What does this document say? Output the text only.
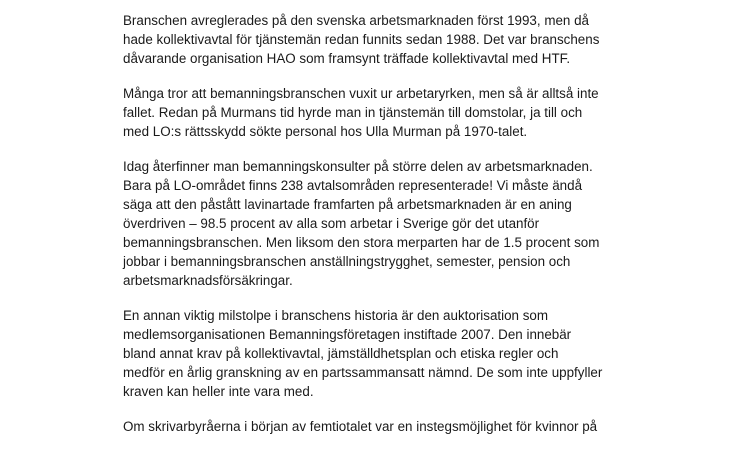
Branschen avreglerades på den svenska arbetsmarknaden först 1993, men då
hade kollektivavtal för tjänstemän redan funnits sedan 1988. Det var branschens
dåvarande organisation HAO som framsynt träffade kollektivavtal med HTF.

Många tror att bemanningsbranschen vuxit ur arbetaryrken, men så är alltså inte
fallet. Redan på Murmans tid hyrde man in tjänstemän till domstolar, ja till och
med LO:s rättsskydd sökte personal hos Ulla Murman på 1970-talet.

Idag återfinner man bemanningskonsulter på större delen av arbetsmarknaden.
Bara på LO-området finns 238 avtalsområden representerade! Vi måste ändå
säga att den påstått lavinartade framfarten på arbetsmarknaden är en aning
överdriven – 98.5 procent av alla som arbetar i Sverige gör det utanför
bemanningsbranschen. Men liksom den stora merparten har de 1.5 procent som
jobbar i bemanningsbranschen anställningstrygghet, semester, pension och
arbetsmarknadsförsäkringar.

En annan viktig milstolpe i branschens historia är den auktorisation som
medlemsorganisationen Bemanningsföretagen instiftade 2007. Den innebär
bland annat krav på kollektivavtal, jämställdhetsplan och etiska regler och
medför en årlig granskning av en partssammansatt nämnd. De som inte uppfyller
kraven kan heller inte vara med.

Om skrivarbyråerna i början av femtiotalet var en instegsmöjlighet för kvinnor på
